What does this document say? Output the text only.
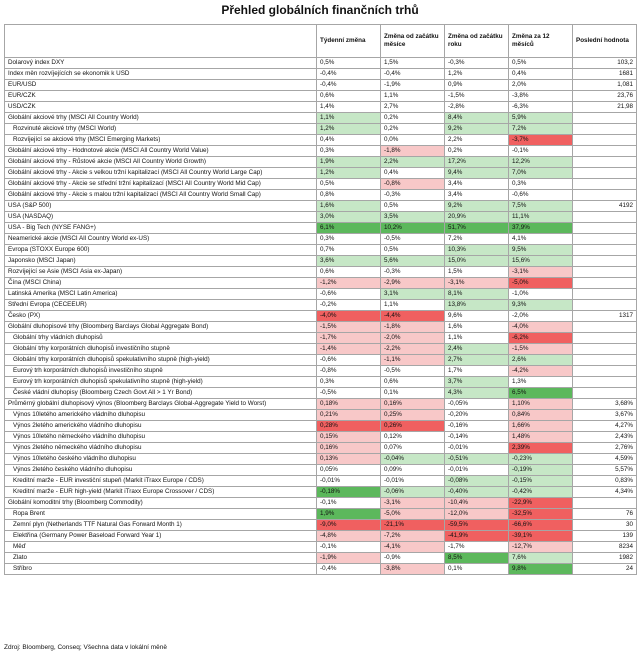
Přehled globálních finančních trhů
	Týdenní změna	Změna od začátku měsíce	Změna od začátku roku	Změna za 12 měsíců	Poslední hodnota
Dolarový index DXY	0,5%	1,5%	-0,3%	0,5%	103,2
Index měn rozvíjejících se ekonomik k USD	-0,4%	-0,4%	1,2%	0,4%	1681
EUR/USD	-0,4%	-1,9%	0,9%	2,0%	1,081
EUR/CZK	0,6%	1,1%	-1,5%	-3,8%	23,76
USD/CZK	1,4%	2,7%	-2,8%	-6,3%	21,98
Globální akciové trhy (MSCI All Country World)	1,1%	0,2%	8,4%	5,9%	
Rozvinuté akciové trhy (MSCI World)	1,2%	0,2%	9,2%	7,2%	
Rozvíjející se akciové trhy (MSCI Emerging Markets)	0,4%	0,0%	2,2%	-3,7%	
Globální akciové trhy - Hodnotové akcie (MSCI All Country World Value)	0,3%	-1,8%	0,2%	-0,1%	
Globální akciové trhy - Růstové akcie (MSCI All Country World Growth)	1,9%	2,2%	17,2%	12,2%	
Globální akciové trhy - Akcie s velkou tržní kapitalizací (MSCI All Country World Large Cap)	1,2%	0,4%	9,4%	7,0%	
Globální akciové trhy - Akcie se střední tržní kapitalizací (MSCI All Country World Mid Cap)	0,5%	-0,8%	3,4%	0,3%	
Globální akciové trhy - Akcie s malou tržní kapitalizací (MSCI All Country World Small Cap)	0,8%	-0,3%	3,4%	-0,6%	
USA (S&P 500)	1,6%	0,5%	9,2%	7,5%	4192
USA (NASDAQ)	3,0%	3,5%	20,9%	11,1%	
USA - Big Tech (NYSE FANG+)	6,1%	10,2%	51,7%	37,9%	
Neamerické akcie (MSCI All Country World ex-US)	0,3%	-0,5%	7,2%	4,1%	
Evropa (STOXX Europe 600)	0,7%	0,5%	10,3%	9,5%	
Japonsko (MSCI Japan)	3,6%	5,6%	15,0%	15,6%	
Rozvíjející se Asie (MSCI Asia ex-Japan)	0,6%	-0,3%	1,5%	-3,1%	
Čína (MSCI China)	-1,2%	-2,9%	-3,1%	-5,0%	
Latinská Amerika (MSCI Latin America)	-0,6%	3,1%	8,1%	-1,0%	
Střední Evropa (CECEEUR)	-0,2%	1,1%	13,8%	9,3%	
Česko (PX)	-4,0%	-4,4%	9,6%	-2,0%	1317
Globální dluhopisové trhy (Bloomberg Barclays Global Aggregate Bond)	-1,5%	-1,8%	1,6%	-4,0%	
Globální trhy vládních dluhopisů	-1,7%	-2,0%	1,1%	-6,2%	
Globální trhy korporátních dluhopisů investičního stupně	-1,4%	-2,2%	2,4%	-1,5%	
Globální trhy korporátních dluhopisů spekulativního stupně (high-yield)	-0,6%	-1,1%	2,7%	2,6%	
Eurový trh korporátních dluhopisů investičního stupně	-0,8%	-0,5%	1,7%	-4,2%	
Eurový trh korporátních dluhopisů spekulativního stupně (high-yield)	0,3%	0,6%	3,7%	1,3%	
České vládní dluhopisy (Bloomberg Czech Govt All > 1 Yr Bond)	-0,5%	0,1%	4,3%	6,5%	
Průměrný globální dluhopisový výnos (Bloomberg Barclays Global-Aggregate Yield to Worst)	0,18%	0,16%	-0,05%	1,10%	3,68%
Výnos 10letého amerického vládního dluhopisu	0,21%	0,25%	-0,20%	0,84%	3,67%
Výnos 2letého amerického vládního dluhopisu	0,28%	0,26%	-0,16%	1,66%	4,27%
Výnos 10letého německého vládního dluhopisu	0,15%	0,12%	-0,14%	1,48%	2,43%
Výnos 2letého německého vládního dluhopisu	0,16%	0,07%	-0,01%	2,39%	2,76%
Výnos 10letého českého vládního dluhopisu	0,13%	-0,04%	-0,51%	-0,23%	4,59%
Výnos 2letého českého vládního dluhopisu	0,05%	0,09%	-0,01%	-0,19%	5,57%
Kreditní marže - EUR investiční stupeň (Markit iTraxx Europe / CDS)	-0,01%	-0,01%	-0,08%	-0,15%	0,83%
Kreditní marže - EUR high-yield (Markit iTraxx Europe Crossover / CDS)	-0,18%	-0,06%	-0,40%	-0,42%	4,34%
Globální komoditní trhy (Bloomberg Commodity)	-0,1%	-3,1%	-10,4%	-22,9%	
Ropa Brent	1,9%	-5,0%	-12,0%	-32,5%	76
Zemní plyn (Netherlands TTF Natural Gas Forward Month 1)	-9,0%	-21,1%	-59,5%	-66,6%	30
Elektřina (Germany Power Baseload Forward Year 1)	-4,8%	-7,2%	-41,9%	-39,1%	139
Měď	-0,1%	-4,1%	-1,7%	-12,7%	8234
Zlato	-1,9%	-0,9%	8,5%	7,6%	1982
Stříbro	-0,4%	-3,8%	0,1%	9,8%	24
Zdroj: Bloomberg, Conseq; Všechna data v lokální měně
